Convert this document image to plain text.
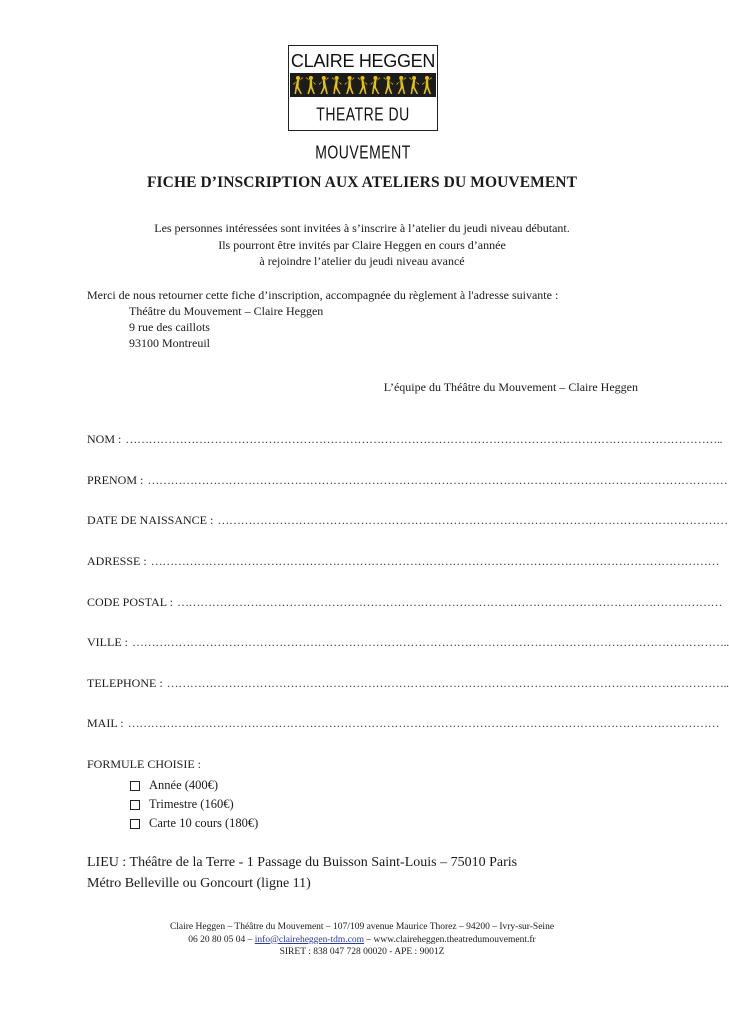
CLAIRE HEGGEN
THEATRE DU MOUVEMENT
FICHE D’INSCRIPTION AUX ATELIERS DU MOUVEMENT
Les personnes intéressées sont invitées à s’inscrire à l’atelier du jeudi niveau débutant.
Ils pourront être invités par Claire Heggen en cours d’année
à rejoindre l’atelier du jeudi niveau avancé
Merci de nous retourner cette fiche d’inscription, accompagnée du règlement à l'adresse suivante :
Théâtre du Mouvement – Claire Heggen
9 rue des caillots
93100 Montreuil
L’équipe du Théâtre du Mouvement – Claire Heggen
NOM : ………………………………………………………………………………………………………………………………………..
PRENOM : ……………………………………………………………………………………………………………………………………
DATE DE NAISSANCE : ……………………………………………………………………………………………………………………
ADRESSE : …………………………………………………………………………………………………………………………………
CODE POSTAL : ……………………………………………………………………………………………………………………………
VILLE : ………………………………………………………………………………………………………………………………………..
TELEPHONE : ………………………………………………………………………………………………………………………………..
MAIL : ………………………………………………………………………………………………………………………………………
FORMULE CHOISIE :
Année (400€)
Trimestre (160€)
Carte 10 cours (180€)
LIEU : Théâtre de la Terre - 1 Passage du Buisson Saint-Louis – 75010 Paris
Métro Belleville ou Goncourt (ligne 11)
Claire Heggen – Théâtre du Mouvement – 107/109 avenue Maurice Thorez – 94200 – Ivry-sur-Seine
06 20 80 05 04 – info@claireheggen-tdm.com – www.claireheggen.theatredumouvement.fr
SIRET : 838 047 728 00020 - APE : 9001Z
